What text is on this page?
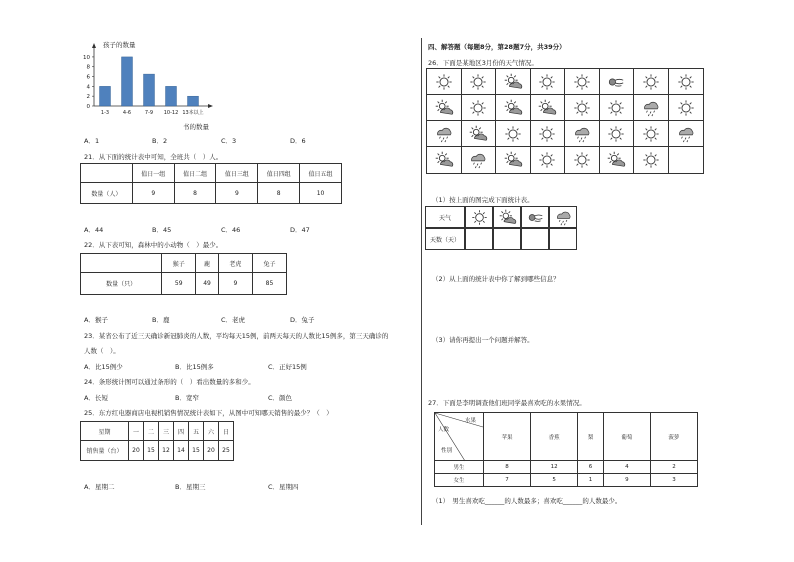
孩子的数量
0
2
4
6
8
10
1-3	4-6	7-9 10-12 13本以上
书的数量
A．1	B．2	C．3	D．6
21．从下面的统计表中可知，全班共（　）人。
	值日一组	值日二组	值日三组	值日四组	值日五组
数量（人）	9	8	9	8	10
A．44	B．45	C．46	D．47
22．从下表可知，森林中的小动物（　）最少。
	猴子	鹿	老虎	兔子
数量（只）	59	49	9	85
A．猴子	B．鹿	C．老虎	D．兔子
23．某省公布了近三天确诊新冠肺炎的人数，平均每天15例，前两天每天的人数比15例多，第三天确诊的
人数（　）。
A．比15例少	B．比15例多	C．正好15例
24．条形统计图可以通过条形的（　）看出数量的多和少。
A．长短	B．宽窄	C．颜色
25．东方红电器商店电视机销售情况统计表如下，从图中可知哪天销售的最少？（　）
星期	一	二	三	四	五	六	日
销售量（台）	20	15	12	14	15	20	25
A．星期二	B．星期三	C．星期四
四、解答题（每题8分，第28题7分，共39分）
26．下面是某地区3月份的天气情况。
（1）按上面的图完成下面统计表。
天气
天数（天）
（2）从上面的统计表中你了解到哪些信息？
（3）请你再提出一个问题并解答。
27．下面是李明调查他们班同学最喜欢吃的水果情况。
水果
人数
性别	苹果	香蕉	梨	葡萄	菠萝
男生	8	12	6	4	2
女生	7	5	1	9	3
（1）　男生喜欢吃______的人数最多；喜欢吃______的人数最少。
